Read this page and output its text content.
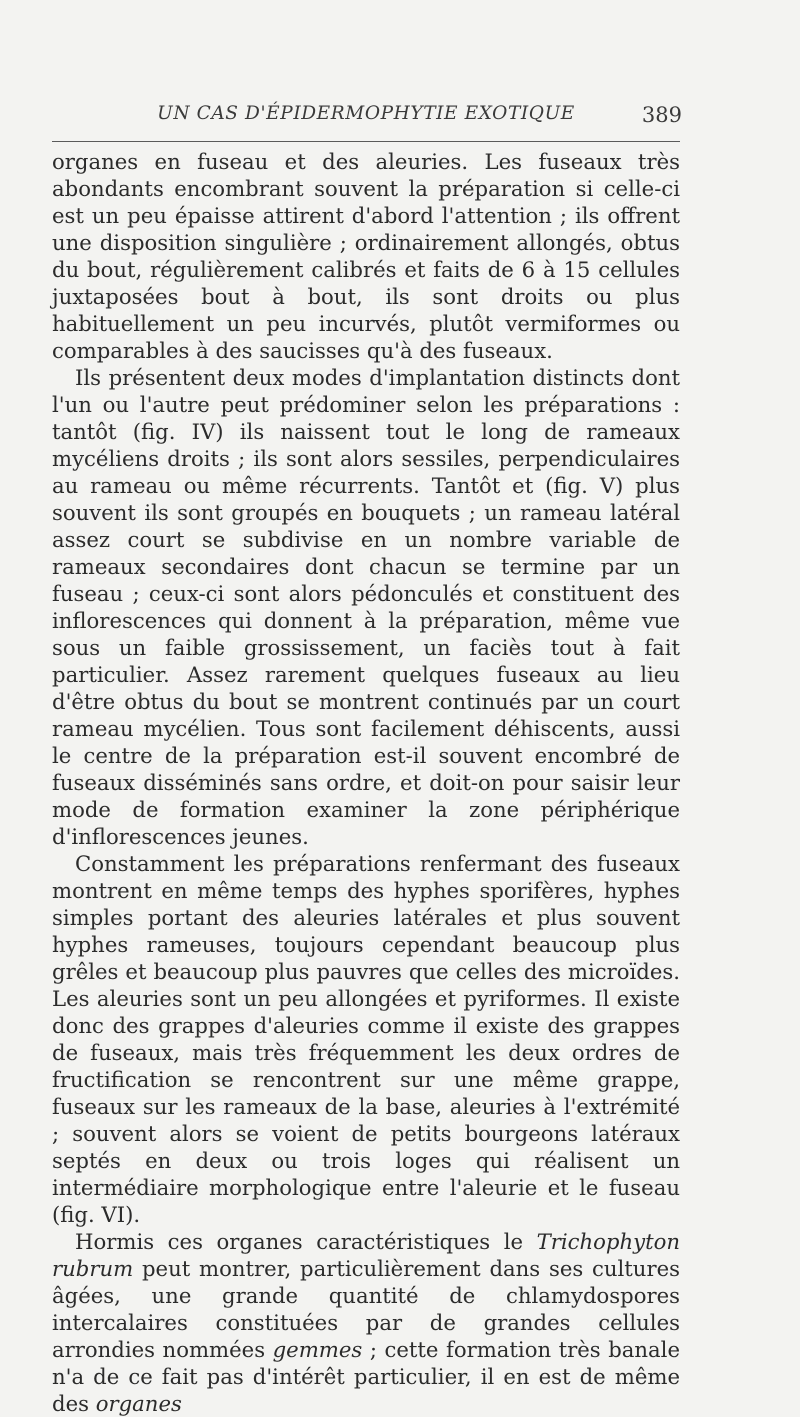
UN CAS D'ÉPIDERMOPHYTIE EXOTIQUE	389

organes en fuseau et des aleuries. Les fuseaux très abondants encombrant souvent la préparation si celle-ci est un peu épaisse attirent d'abord l'attention ; ils offrent une disposition singulière ; ordinairement allongés, obtus du bout, régulièrement calibrés et faits de 6 à 15 cellules juxtaposées bout à bout, ils sont droits ou plus habituellement un peu incurvés, plutôt vermiformes ou comparables à des saucisses qu'à des fuseaux.

Ils présentent deux modes d'implantation distincts dont l'un ou l'autre peut prédominer selon les préparations : tantôt (fig. IV) ils naissent tout le long de rameaux mycéliens droits ; ils sont alors sessiles, perpendiculaires au rameau ou même récurrents. Tantôt et (fig. V) plus souvent ils sont groupés en bouquets ; un rameau latéral assez court se subdivise en un nombre variable de rameaux secondaires dont chacun se termine par un fuseau ; ceux-ci sont alors pédonculés et constituent des inflorescences qui donnent à la préparation, même vue sous un faible grossissement, un faciès tout à fait particulier. Assez rarement quelques fuseaux au lieu d'être obtus du bout se montrent continués par un court rameau mycélien. Tous sont facilement déhiscents, aussi le centre de la préparation est-il souvent encombré de fuseaux disséminés sans ordre, et doit-on pour saisir leur mode de formation examiner la zone périphérique d'inflorescences jeunes.

Constamment les préparations renfermant des fuseaux montrent en même temps des hyphes sporifères, hyphes simples portant des aleuries latérales et plus souvent hyphes rameuses, toujours cependant beaucoup plus grêles et beaucoup plus pauvres que celles des microïdes. Les aleuries sont un peu allongées et pyriformes. Il existe donc des grappes d'aleuries comme il existe des grappes de fuseaux, mais très fréquemment les deux ordres de fructification se rencontrent sur une même grappe, fuseaux sur les rameaux de la base, aleuries à l'extrémité ; souvent alors se voient de petits bourgeons latéraux septés en deux ou trois loges qui réalisent un intermédiaire morphologique entre l'aleurie et le fuseau (fig. VI).

Hormis ces organes caractéristiques le Trichophyton rubrum peut montrer, particulièrement dans ses cultures âgées, une grande quantité de chlamydospores intercalaires constituées par de grandes cellules arrondies nommées gemmes ; cette formation très banale n'a de ce fait pas d'intérêt particulier, il en est de même des organes
